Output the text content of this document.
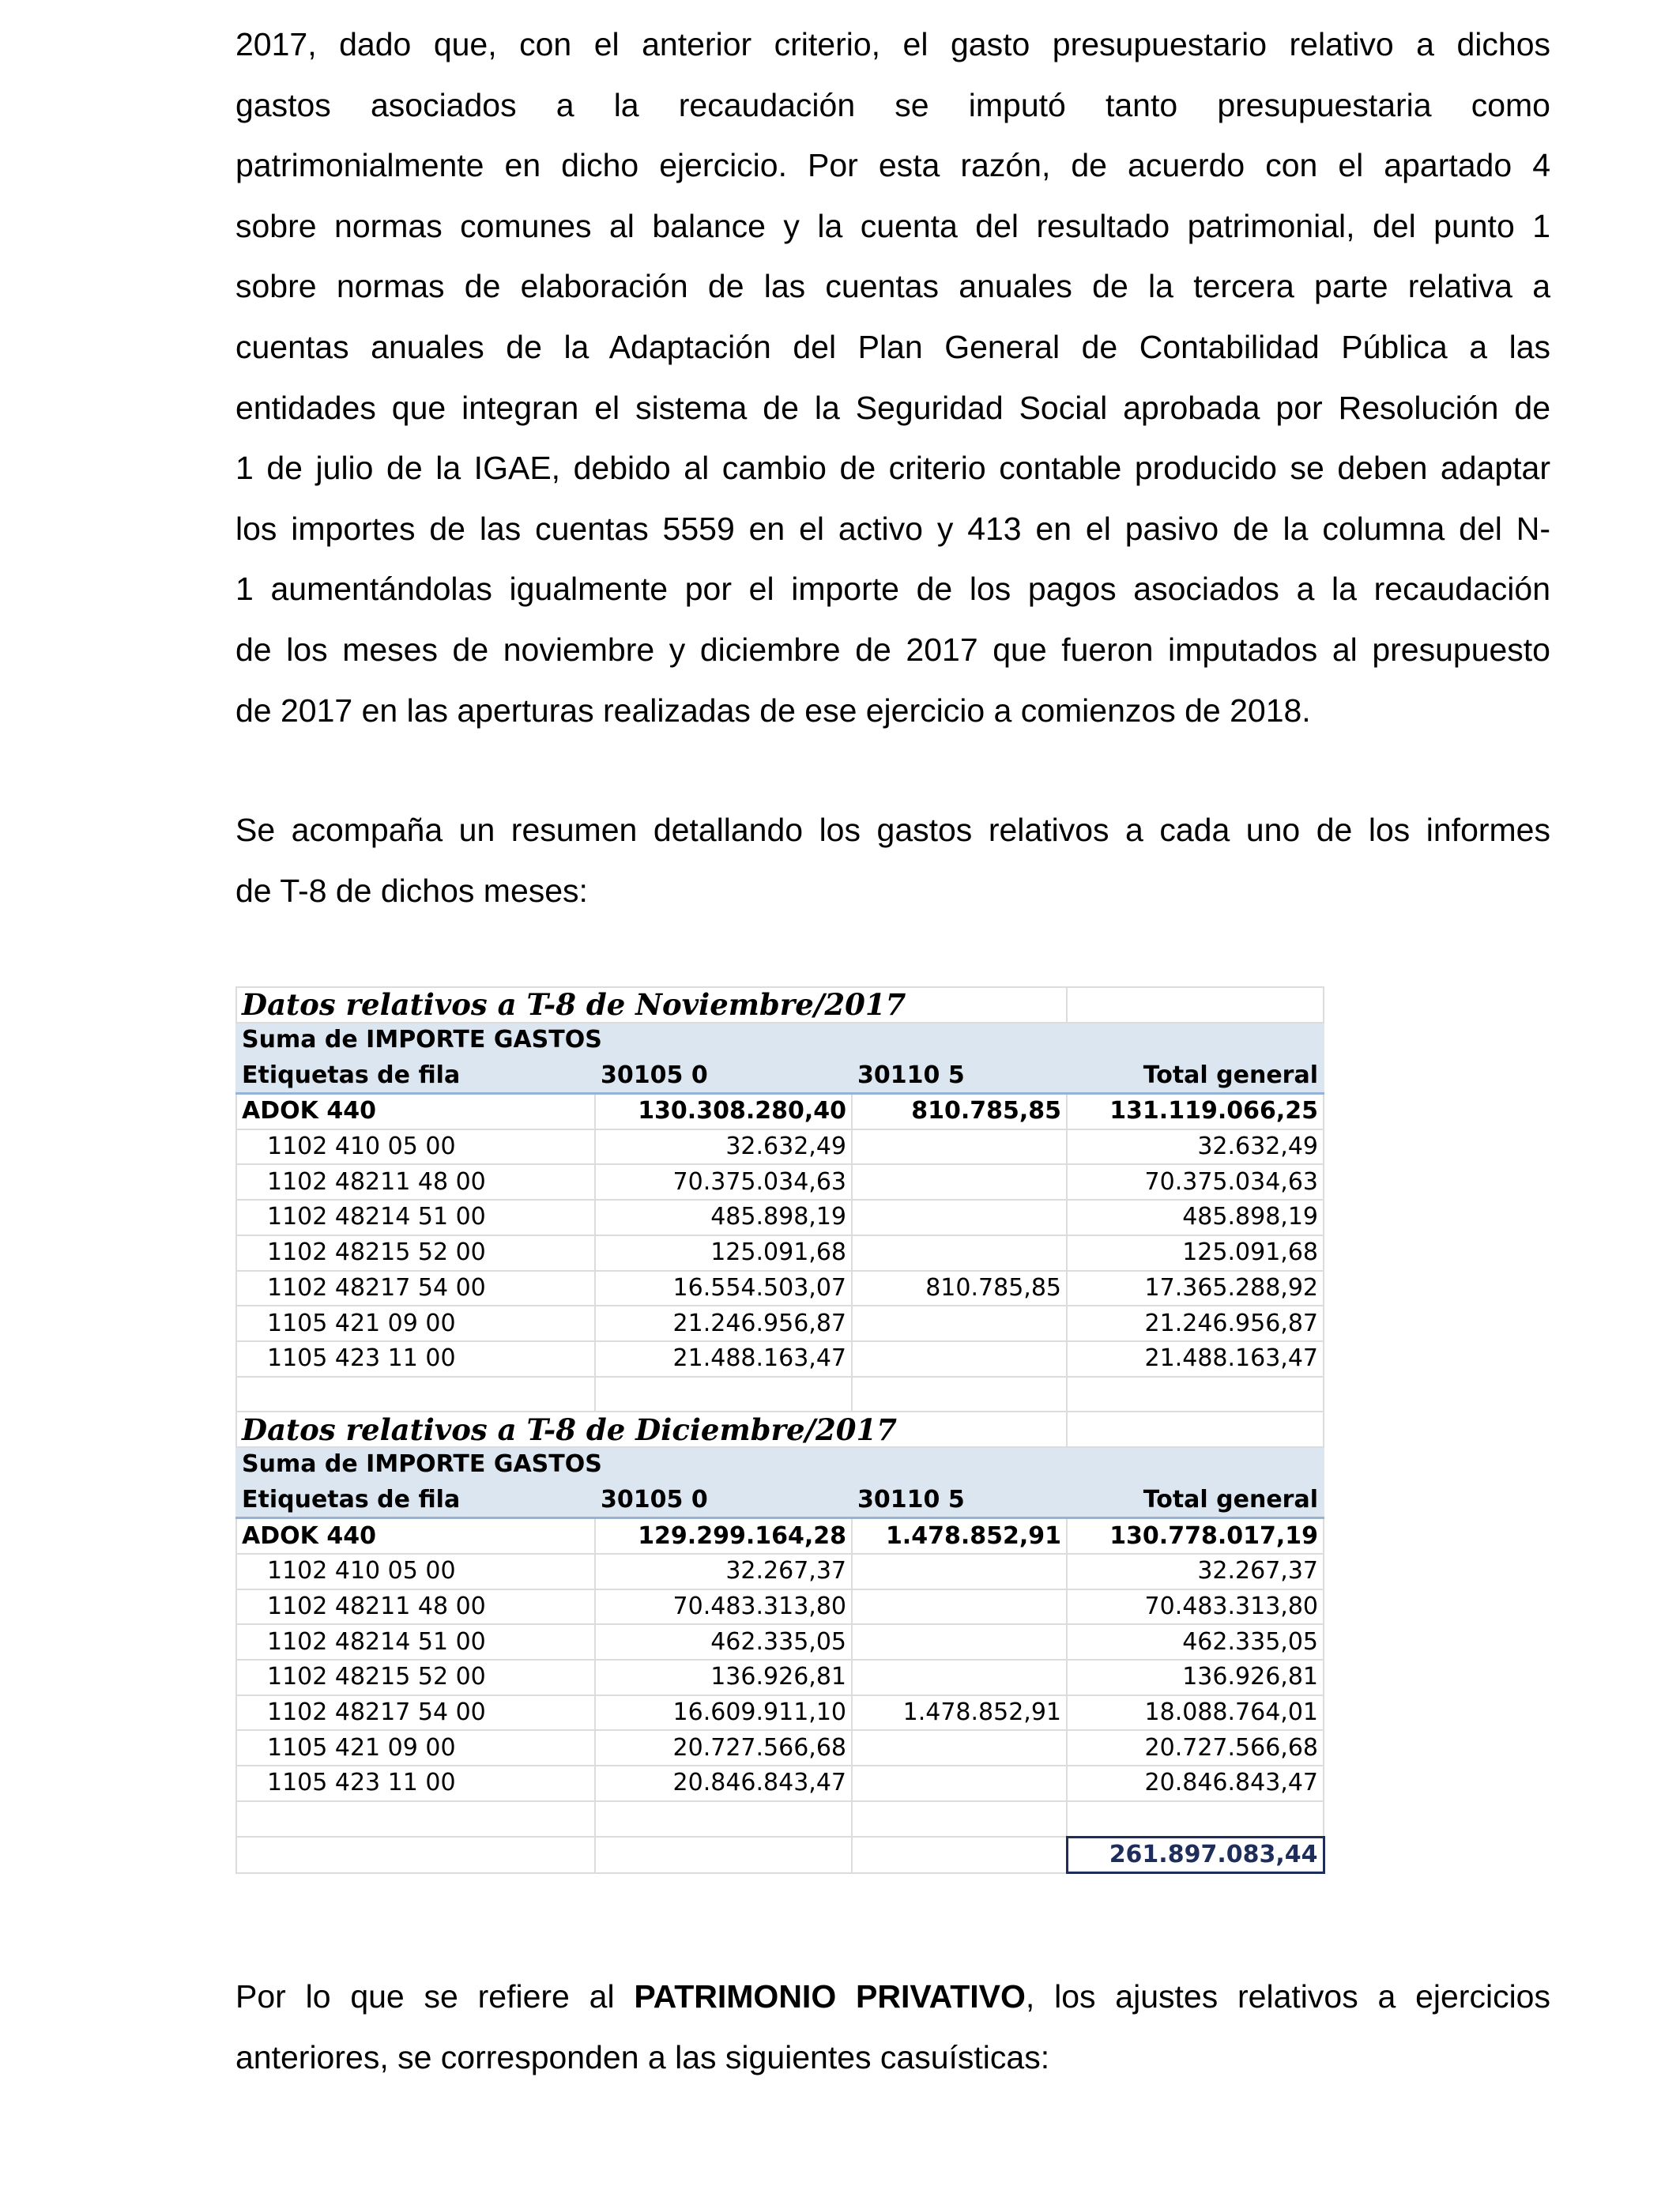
2017, dado que, con el anterior criterio, el gasto presupuestario relativo a dichos
gastos asociados a la recaudación se imputó tanto presupuestaria como
patrimonialmente en dicho ejercicio. Por esta razón, de acuerdo con el apartado 4
sobre normas comunes al balance y la cuenta del resultado patrimonial, del punto 1
sobre normas de elaboración de las cuentas anuales de la tercera parte relativa a
cuentas anuales de la Adaptación del Plan General de Contabilidad Pública a las
entidades que integran el sistema de la Seguridad Social aprobada por Resolución de
1 de julio de la IGAE, debido al cambio de criterio contable producido se deben adaptar
los importes de las cuentas 5559 en el activo y 413 en el pasivo de la columna del N-
1 aumentándolas igualmente por el importe de los pagos asociados a la recaudación
de los meses de noviembre y diciembre de 2017 que fueron imputados al presupuesto
de 2017 en las aperturas realizadas de ese ejercicio a comienzos de 2018.
Se acompaña un resumen detallando los gastos relativos a cada uno de los informes
de T-8 de dichos meses:
Datos relativos a T-8 de Noviembre/2017			
Suma de IMPORTE GASTOS			
Etiquetas de fila	30105 0	30110 5	Total general
ADOK 440	130.308.280,40	810.785,85	131.119.066,25
1102 410 05 00	32.632,49		32.632,49
1102 48211 48 00	70.375.034,63		70.375.034,63
1102 48214 51 00	485.898,19		485.898,19
1102 48215 52 00	125.091,68		125.091,68
1102 48217 54 00	16.554.503,07	810.785,85	17.365.288,92
1105 421 09 00	21.246.956,87		21.246.956,87
1105 423 11 00	21.488.163,47		21.488.163,47

Datos relativos a T-8 de Diciembre/2017			
Suma de IMPORTE GASTOS			
Etiquetas de fila	30105 0	30110 5	Total general
ADOK 440	129.299.164,28	1.478.852,91	130.778.017,19
1102 410 05 00	32.267,37		32.267,37
1102 48211 48 00	70.483.313,80		70.483.313,80
1102 48214 51 00	462.335,05		462.335,05
1102 48215 52 00	136.926,81		136.926,81
1102 48217 54 00	16.609.911,10	1.478.852,91	18.088.764,01
1105 421 09 00	20.727.566,68		20.727.566,68
1105 423 11 00	20.846.843,47		20.846.843,47

			261.897.083,44
Por lo que se refiere al PATRIMONIO PRIVATIVO, los ajustes relativos a ejercicios
anteriores, se corresponden a las siguientes casuísticas:
